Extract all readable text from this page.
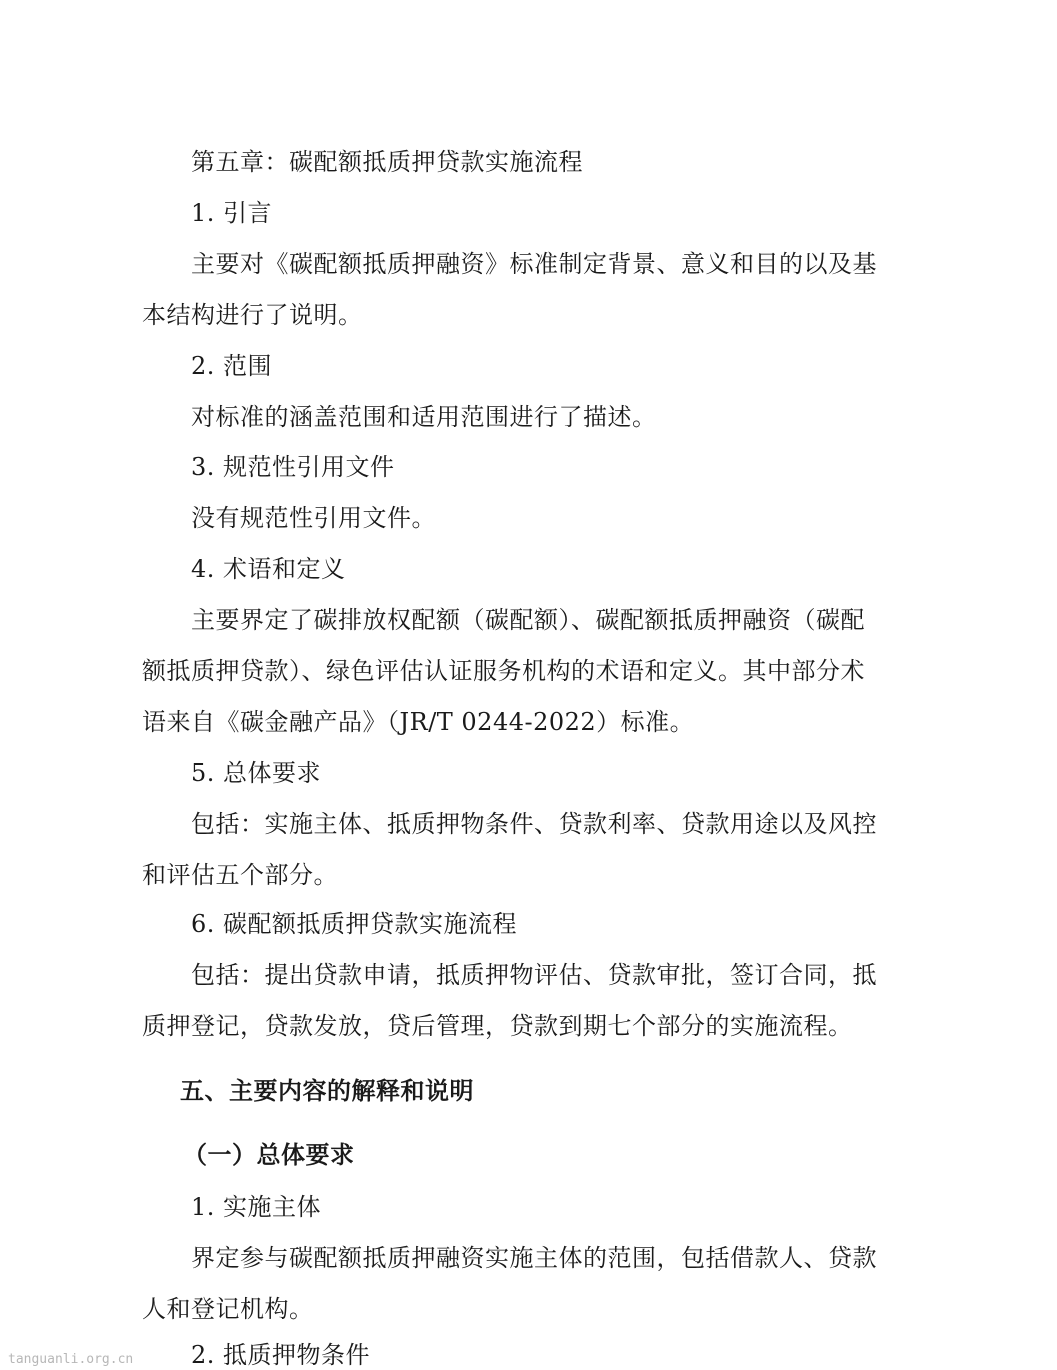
第五章：碳配额抵质押贷款实施流程
1. 引言
主要对《碳配额抵质押融资》标准制定背景、意义和目的以及基
本结构进行了说明。
2. 范围
对标准的涵盖范围和适用范围进行了描述。
3. 规范性引用文件
没有规范性引用文件。
4. 术语和定义
主要界定了碳排放权配额（碳配额）、碳配额抵质押融资（碳配
额抵质押贷款）、绿色评估认证服务机构的术语和定义。其中部分术
语来自《碳金融产品》（JR/T 0244-2022）标准。
5. 总体要求
包括：实施主体、抵质押物条件、贷款利率、贷款用途以及风控
和评估五个部分。
6. 碳配额抵质押贷款实施流程
包括：提出贷款申请，抵质押物评估、贷款审批，签订合同，抵
质押登记，贷款发放，贷后管理，贷款到期七个部分的实施流程。
五、主要内容的解释和说明
（一）总体要求
1. 实施主体
界定参与碳配额抵质押融资实施主体的范围，包括借款人、贷款
人和登记机构。
2. 抵质押物条件
tanguanli.org.cn
